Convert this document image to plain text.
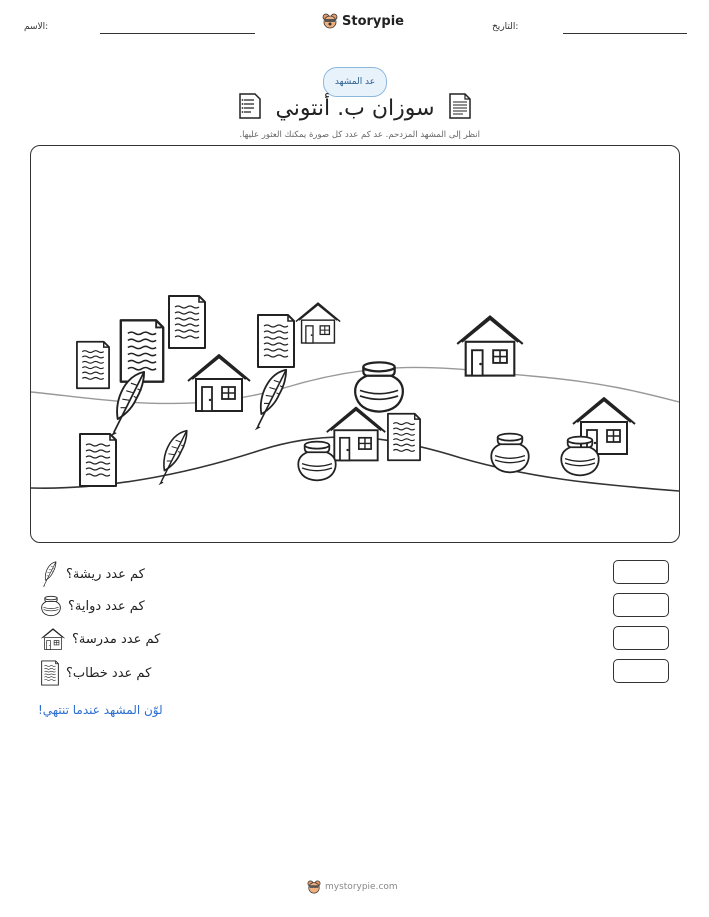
التاريخ:
Storypie
الاسم:
عد المشهد
سوزان ب. أنتوني
انظر إلى المشهد المزدحم. عد كم عدد كل صورة يمكنك العثور عليها.
كم عدد ريشة؟
كم عدد دواية؟
كم عدد مدرسة؟
كم عدد خطاب؟
لوّن المشهد عندما تنتهي!
mystorypie.com
